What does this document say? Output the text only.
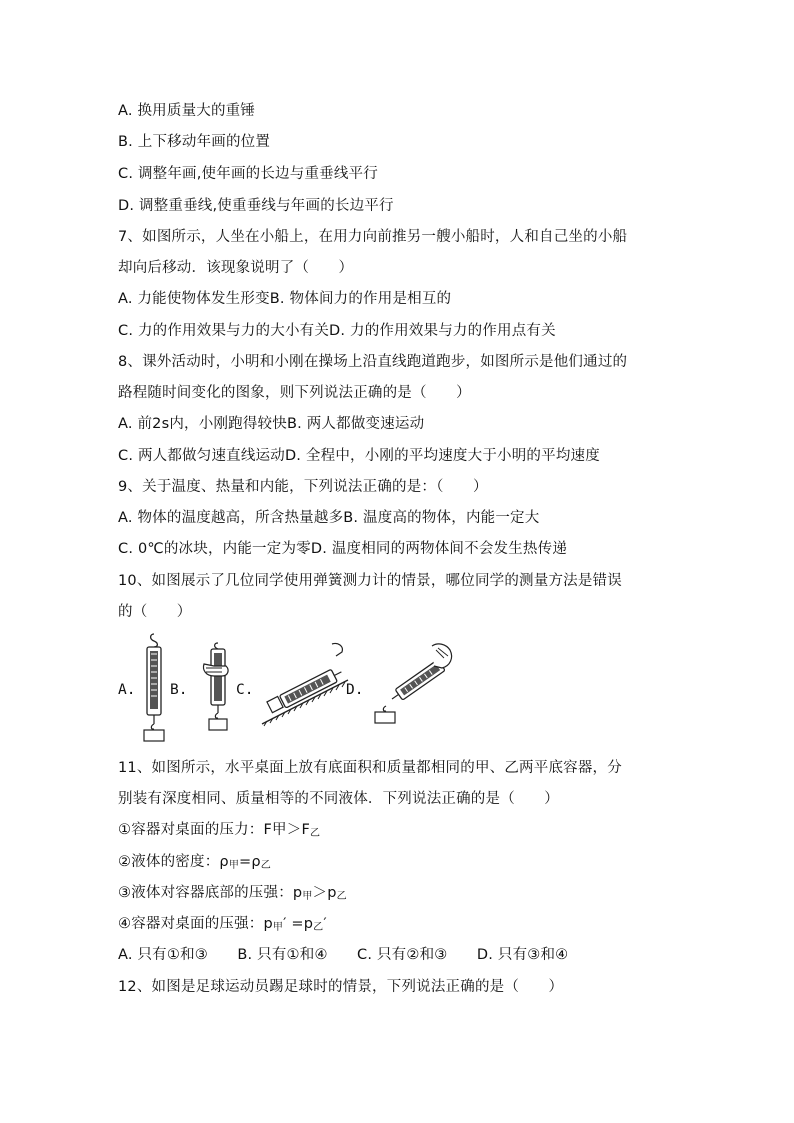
A. 换用质量大的重锤
B. 上下移动年画的位置
C. 调整年画,使年画的长边与重垂线平行
D. 调整重垂线,使重垂线与年画的长边平行
7、如图所示，人坐在小船上，在用力向前推另一艘小船时，人和自己坐的小船
却向后移动．该现象说明了（　　）
A. 力能使物体发生形变B. 物体间力的作用是相互的
C. 力的作用效果与力的大小有关D. 力的作用效果与力的作用点有关
8、课外活动时，小明和小刚在操场上沿直线跑道跑步，如图所示是他们通过的
路程随时间变化的图象，则下列说法正确的是（　　）
A. 前2s内，小刚跑得较快B. 两人都做变速运动
C. 两人都做匀速直线运动D. 全程中，小刚的平均速度大于小明的平均速度
9、关于温度、热量和内能，下列说法正确的是：（　　）
A. 物体的温度越高，所含热量越多B. 温度高的物体，内能一定大
C. 0℃的冰块，内能一定为零D. 温度相同的两物体间不会发生热传递
10、如图展示了几位同学使用弹簧测力计的情景，哪位同学的测量方法是错误
的（　　）
A. B.	C.	D.
11、如图所示，水平桌面上放有底面积和质量都相同的甲、乙两平底容器，分
别装有深度相同、质量相等的不同液体．下列说法正确的是（　　）
①容器对桌面的压力：F甲$>F_乙$
②液体的密度：$\rho_甲=\rho_乙$
③液体对容器底部的压强：$p_甲>p_乙$
④容器对桌面的压强：$p_甲' =p_乙'$
A. 只有①和③　　B. 只有①和④　　C. 只有②和③　　D. 只有③和④
12、如图是足球运动员踢足球时的情景，下列说法正确的是（　　）
